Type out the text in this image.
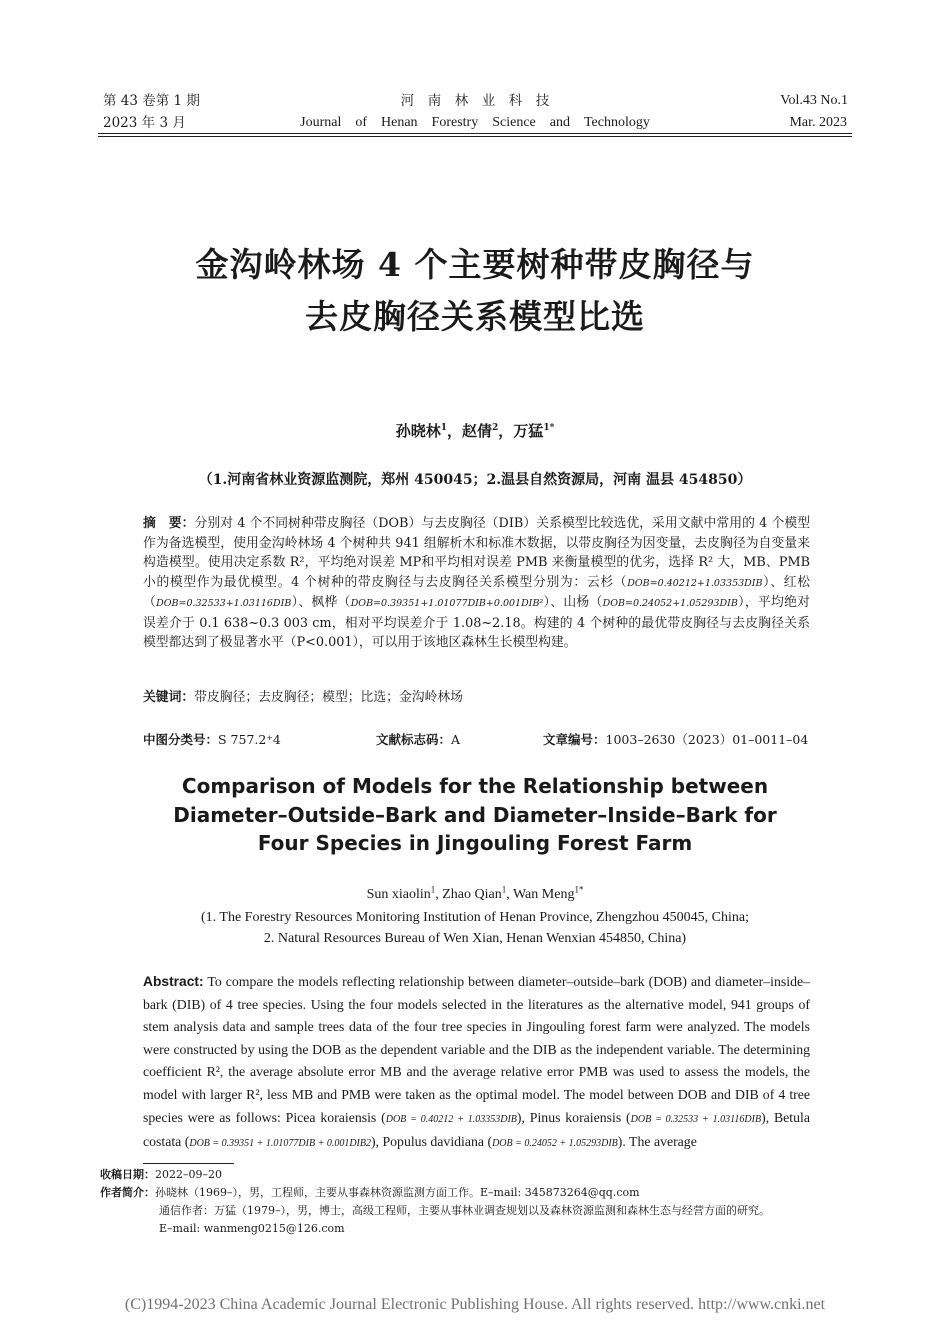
第 43 卷第 1 期
2023 年 3 月
河　南　林　业　科　技
Journal　of　Henan　Forestry　Science　and　Technology
Vol.43 No.1
Mar. 2023
金沟岭林场 4 个主要树种带皮胸径与
去皮胸径关系模型比选
孙晓林$^1$，赵倩$^2$，万猛$^{1*}$
（1.河南省林业资源监测院，郑州 450045；2.温县自然资源局，河南 温县 454850）
摘　要：分别对 4 个不同树种带皮胸径（DOB）与去皮胸径（DIB）关系模型比较选优，采用文献中常用的 4 个模型作为备选模型，使用金沟岭林场 4 个树种共 941 组解析木和标准木数据，以带皮胸径为因变量，去皮胸径为自变量来构造模型。使用决定系数 R²，平均绝对误差 MP和平均相对误差 PMB 来衡量模型的优劣，选择 R² 大，MB、PMB 小的模型作为最优模型。4 个树种的带皮胸径与去皮胸径关系模型分别为：云杉（DOB=0.40212+1.03353DIB）、红松（DOB=0.32533+1.03116DIB）、枫桦（DOB=0.39351+1.01077DIB+0.001DIB²）、山杨（DOB=0.24052+1.05293DIB），平均绝对误差介于 0.1 638~0.3 003 cm，相对平均误差介于 1.08~2.18。构建的 4 个树种的最优带皮胸径与去皮胸径关系模型都达到了极显著水平（P<0.001），可以用于该地区森林生长模型构建。
关键词：带皮胸径；去皮胸径；模型；比选；金沟岭林场
中图分类号：S 757.2⁺4	文献标志码：A	文章编号：1003–2630（2023）01–0011–04
Comparison of Models for the Relationship between
Diameter–Outside–Bark and Diameter–Inside–Bark for
Four Species in Jingouling Forest Farm
Sun xiaolin$^1$, Zhao Qian$^1$, Wan Meng$^{1*}$
(1. The Forestry Resources Monitoring Institution of Henan Province, Zhengzhou 450045, China;
2. Natural Resources Bureau of Wen Xian, Henan Wenxian 454850, China)
Abstract: To compare the models reflecting relationship between diameter–outside–bark (DOB) and diameter–inside–bark (DIB) of 4 tree species. Using the four models selected in the literatures as the alternative model, 941 groups of stem analysis data and sample trees data of the four tree species in Jingouling forest farm were analyzed. The models were constructed by using the DOB as the dependent variable and the DIB as the independent variable. The determining coefficient R², the average absolute error MB and the average relative error PMB was used to assess the models, the model with larger R², less MB and PMB were taken as the optimal model. The model between DOB and DIB of 4 tree species were as follows: Picea koraiensis (DOB = 0.40212 + 1.03353DIB), Pinus koraiensis (DOB = 0.32533 + 1.03116DIB), Betula costata (DOB = 0.39351 + 1.01077DIB + 0.001DIB2), Populus davidiana (DOB = 0.24052 + 1.05293DIB). The average
收稿日期：2022–09–20
作者简介：孙晓林（1969–），男，工程师，主要从事森林资源监测方面工作。E–mail: 345873264@qq.com
通信作者：万猛（1979–），男，博士，高级工程师，主要从事林业调查规划以及森林资源监测和森林生态与经营方面的研究。
E–mail: wanmeng0215@126.com
(C)1994-2023 China Academic Journal Electronic Publishing House. All rights reserved. http://www.cnki.net
